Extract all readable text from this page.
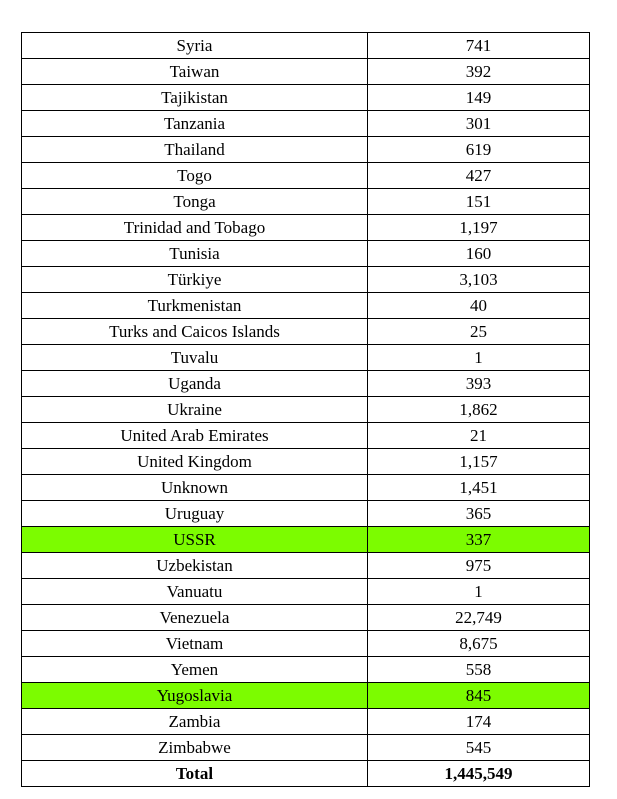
Syria	741
Taiwan	392
Tajikistan	149
Tanzania	301
Thailand	619
Togo	427
Tonga	151
Trinidad and Tobago	1,197
Tunisia	160
Türkiye	3,103
Turkmenistan	40
Turks and Caicos Islands	25
Tuvalu	1
Uganda	393
Ukraine	1,862
United Arab Emirates	21
United Kingdom	1,157
Unknown	1,451
Uruguay	365
USSR	337
Uzbekistan	975
Vanuatu	1
Venezuela	22,749
Vietnam	8,675
Yemen	558
Yugoslavia	845
Zambia	174
Zimbabwe	545
Total	1,445,549
